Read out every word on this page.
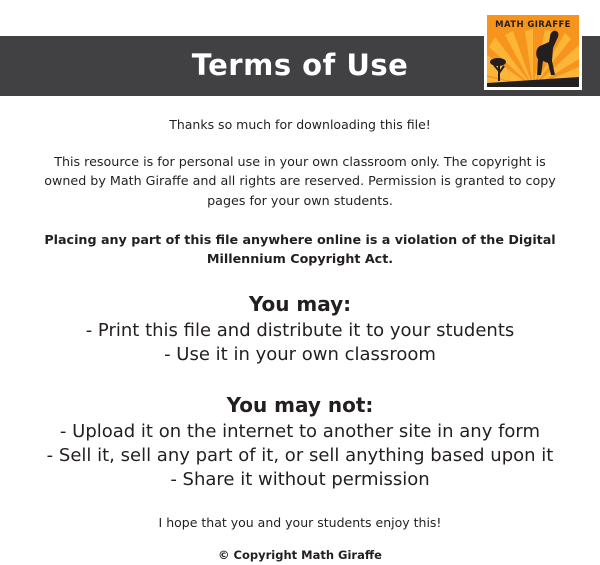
Terms of Use
MATH GIRAFFE

Thanks so much for downloading this file!

This resource is for personal use in your own classroom only. The copyright is owned by Math Giraffe and all rights are reserved. Permission is granted to copy pages for your own students.

Placing any part of this file anywhere online is a violation of the Digital Millennium Copyright Act.

You may:
- Print this file and distribute it to your students
- Use it in your own classroom
You may not:
- Upload it on the internet to another site in any form
- Sell it, sell any part of it, or sell anything based upon it
- Share it without permission

I hope that you and your students enjoy this!

© Copyright Math Giraffe
